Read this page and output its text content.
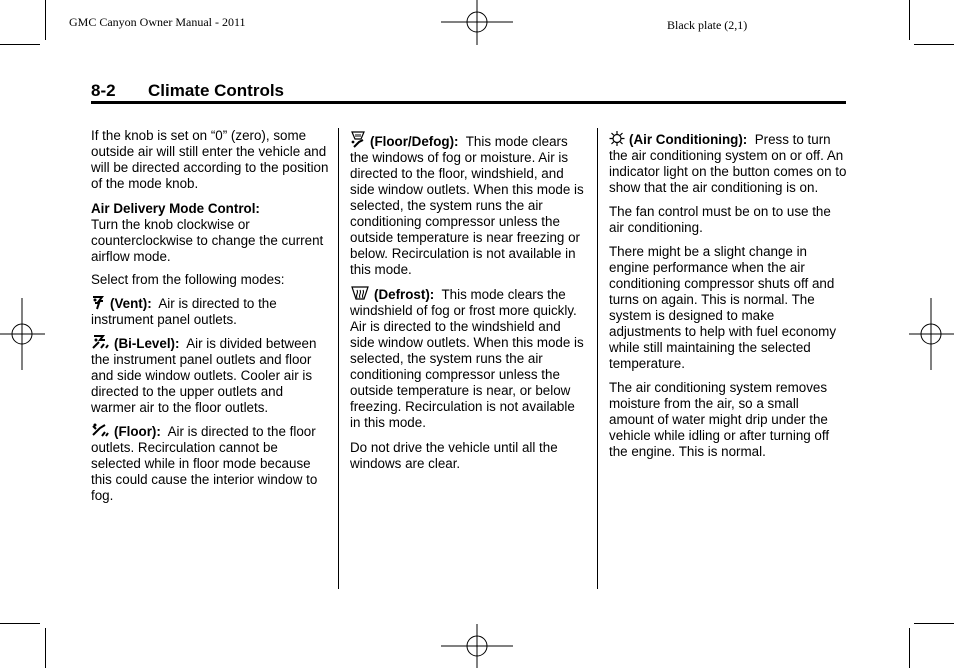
GMC Canyon Owner Manual - 2011	Black plate (2,1)
8-2 Climate Controls

If the knob is set on “0” (zero), some outside air will still enter the vehicle and will be directed according to the position of the mode knob.

Air Delivery Mode Control:
Turn the knob clockwise or counterclockwise to change the current airflow mode.

Select from the following modes:

(Vent): Air is directed to the instrument panel outlets.

(Bi-Level): Air is divided between the instrument panel outlets and floor and side window outlets. Cooler air is directed to the upper outlets and warmer air to the floor outlets.

(Floor): Air is directed to the floor outlets. Recirculation cannot be selected while in floor mode because this could cause the interior window to fog.

(Floor/Defog): This mode clears the windows of fog or moisture. Air is directed to the floor, windshield, and side window outlets. When this mode is selected, the system runs the air conditioning compressor unless the outside temperature is near freezing or below. Recirculation is not available in this mode.

(Defrost): This mode clears the windshield of fog or frost more quickly. Air is directed to the windshield and side window outlets. When this mode is selected, the system runs the air conditioning compressor unless the outside temperature is near, or below freezing. Recirculation is not available in this mode.

Do not drive the vehicle until all the windows are clear.

(Air Conditioning): Press to turn the air conditioning system on or off. An indicator light on the button comes on to show that the air conditioning is on.

The fan control must be on to use the air conditioning.

There might be a slight change in engine performance when the air conditioning compressor shuts off and turns on again. This is normal. The system is designed to make adjustments to help with fuel economy while still maintaining the selected temperature.

The air conditioning system removes moisture from the air, so a small amount of water might drip under the vehicle while idling or after turning off the engine. This is normal.
